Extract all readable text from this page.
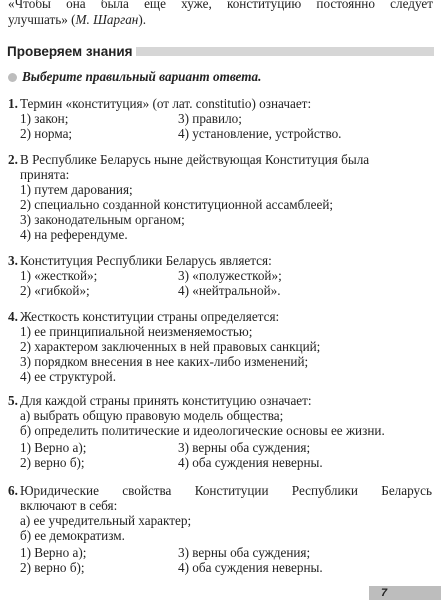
«Чтобы она была еще хуже, конституцию постоянно следует
улучшать» (М. Шарган).
Проверяем знания
Выберите правильный вариант ответа.
1. Термин «конституция» (от лат. constitutio) означает:
1) закон;	3) правило;
2) норма;	4) установление, устройство.
2. В Республике Беларусь ныне действующая Конституция была
принята:
1) путем дарования;
2) специально созданной конституционной ассамблеей;
3) законодательным органом;
4) на референдуме.
3. Конституция Республики Беларусь является:
1) «жесткой»;	3) «полужесткой»;
2) «гибкой»;	4) «нейтральной».
4. Жесткость конституции страны определяется:
1) ее принципиальной неизменяемостью;
2) характером заключенных в ней правовых санкций;
3) порядком внесения в нее каких-либо изменений;
4) ее структурой.
5. Для каждой страны принять конституцию означает:
а) выбрать общую правовую модель общества;
б) определить политические и идеологические основы ее жизни.
1) Верно а);	3) верны оба суждения;
2) верно б);	4) оба суждения неверны.
6. Юридические свойства Конституции Республики Беларусь
включают в себя:
а) ее учредительный характер;
б) ее демократизм.
1) Верно а);	3) верны оба суждения;
2) верно б);	4) оба суждения неверны.
7
